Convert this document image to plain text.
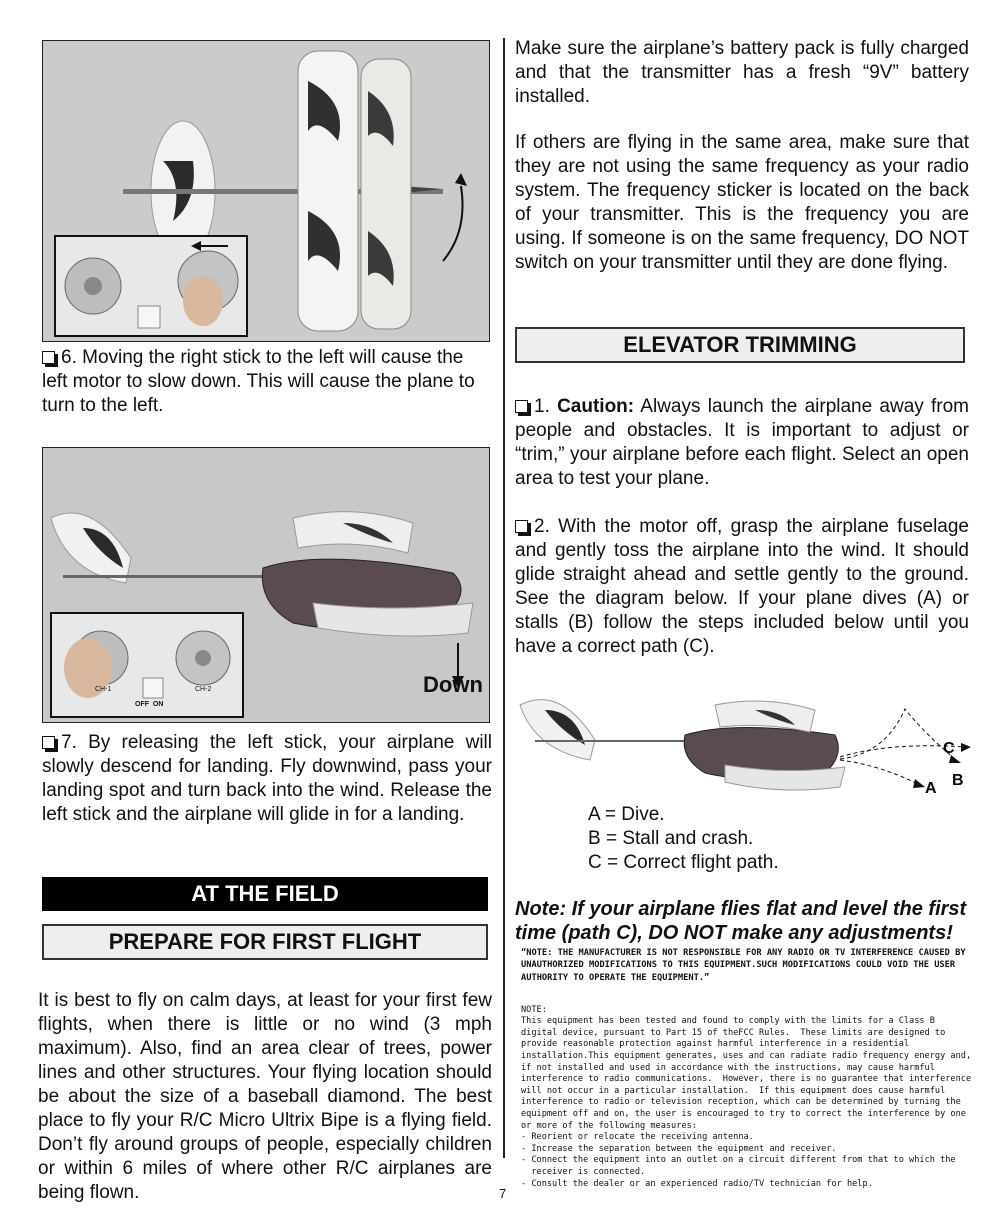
6. Moving the right stick to the left will cause the left motor to slow down. This will cause the plane to turn to the left.
Down
CH-1	CH-2
OFF  ON
7. By releasing the left stick, your airplane will slowly descend for landing. Fly downwind, pass your landing spot and turn back into the wind. Release the left stick and the airplane will glide in for a landing.
AT THE FIELD
PREPARE FOR FIRST FLIGHT
It is best to fly on calm days, at least for your first few flights, when there is little or no wind (3 mph maximum). Also, find an area clear of trees, power lines and other structures. Your flying location should be about the size of a baseball diamond. The best place to fly your R/C Micro Ultrix Bipe is a flying field. Don’t fly around groups of people, especially children or within 6 miles of where other R/C airplanes are being flown.
Make sure the airplane’s battery pack is fully charged and that the transmitter has a fresh “9V” battery installed.
If others are flying in the same area, make sure that they are not using the same frequency as your radio system. The frequency sticker is located on the back of your transmitter. This is the frequency you are using. If someone is on the same frequency, DO NOT switch on your transmitter until they are done flying.
ELEVATOR TRIMMING
1. Caution: Always launch the airplane away from people and obstacles. It is important to adjust or “trim,” your airplane before each flight. Select an open area to test your plane.
2. With the motor off, grasp the airplane fuselage and gently toss the airplane into the wind. It should glide straight ahead and settle gently to the ground. See the diagram below. If your plane dives (A) or stalls (B) follow the steps included below until you have a correct path (C).
A B
C
A = Dive.
B = Stall and crash.
C = Correct flight path.
Note: If your airplane flies flat and level the first time (path C), DO NOT make any adjustments!
“NOTE: THE MANUFACTURER IS NOT RESPONSIBLE FOR ANY RADIO OR TV INTERFERENCE CAUSED BY UNAUTHORIZED MODIFICATIONS TO THIS EQUIPMENT.SUCH MODIFICATIONS COULD VOID THE USER AUTHORITY TO OPERATE THE EQUIPMENT.”

NOTE:
This equipment has been tested and found to comply with the limits for a Class B
digital device, pursuant to Part 15 of theFCC Rules.  These limits are designed to
provide reasonable protection against harmful interference in a residential
installation.This equipment generates, uses and can radiate radio frequency energy and,
if not installed and used in accordance with the instructions, may cause harmful
interference to radio communications.  However, there is no guarantee that interference
will not occur in a particular installation.  If this equipment does cause harmful
interference to radio or television reception, which can be determined by turning the
equipment off and on, the user is encouraged to try to correct the interference by one
or more of the following measures:
- Reorient or relocate the receiving antenna.
- Increase the separation between the equipment and receiver.
- Connect the equipment into an outlet on a circuit different from that to which the
receiver is connected.
- Consult the dealer or an experienced radio/TV technician for help.

7
